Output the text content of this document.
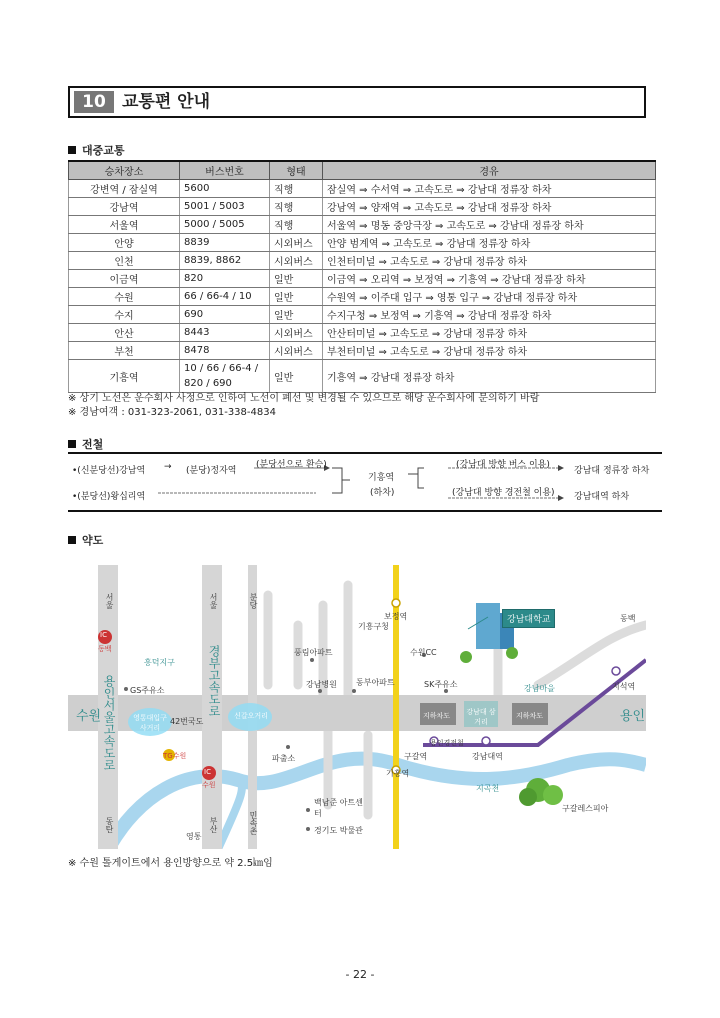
10 교통편 안내
대중교통
승차장소	버스번호	형태	경유
강변역 / 잠실역	5600	직행	잠실역 ⇒ 수서역 ⇒ 고속도로 ⇒ 강남대 정류장 하차
강남역	5001 / 5003	직행	강남역 ⇒ 양재역 ⇒ 고속도로 ⇒ 강남대 정류장 하차
서울역	5000 / 5005	직행	서울역 ⇒ 명동 중앙극장 ⇒ 고속도로 ⇒ 강남대 정류장 하차
안양	8839	시외버스	안양 범계역 ⇒ 고속도로 ⇒ 강남대 정류장 하차
인천	8839, 8862	시외버스	인천터미널 ⇒ 고속도로 ⇒ 강남대 정류장 하차
이금역	820	일반	이금역 ⇒ 오리역 ⇒ 보정역 ⇒ 기흥역 ⇒ 강남대 정류장 하차
수원	66 / 66-4 / 10	일반	수원역 ⇒ 이주대 입구 ⇒ 영통 입구 ⇒ 강남대 정류장 하차
수지	690	일반	수지구청 ⇒ 보정역 ⇒ 기흥역 ⇒ 강남대 정류장 하차
안산	8443	시외버스	안산터미널 ⇒ 고속도로 ⇒ 강남대 정류장 하차
부천	8478	시외버스	부천터미널 ⇒ 고속도로 ⇒ 강남대 정류장 하차
기흥역	10 / 66 / 66-4 / 820 / 690	일반	기흥역 ⇒ 강남대 정류장 하차
※ 상기 노선은 운수회사 사정으로 인하여 노선이 폐선 및 변경될 수 있으므로 해당 운수회사에 문의하기 바람
※ 경남여객 : 031-323-2061, 031-338-4834
전철
•(신분당선)강남역 → (분당)정자역
(분당선으로 환승)
•(분당선)왕십리역
기흥역
(하차)
(강남대 방향 버스 이용)
강남대 정류장 하차
(강남대 방향 경전철 이용) 강남대역 하차
약도
서울	서울	분당
IC
동백
용인서울고속도로	경부고속도로
흥덕지구
GS주유소
수원	용인
영통대입구사거리
42번국도
신갈오거리
TG수원
IC
수원
동탄	부산
영통
민속촌
보정역
기흥구청
풍림아파트	수원CC
강남병원 동부아파트	SK주유소	강남마을
강남대학교	동백
지석역
지하차도 강남대 삼거리
지하차도
용인경전철
구갈역	강남대역
파출소
기흥역
지곡천
구갈레스피아
백남준 아트센터
경기도 박물관
※ 수원 톨게이트에서 용인방향으로 약 2.5㎞임
- 22 -
